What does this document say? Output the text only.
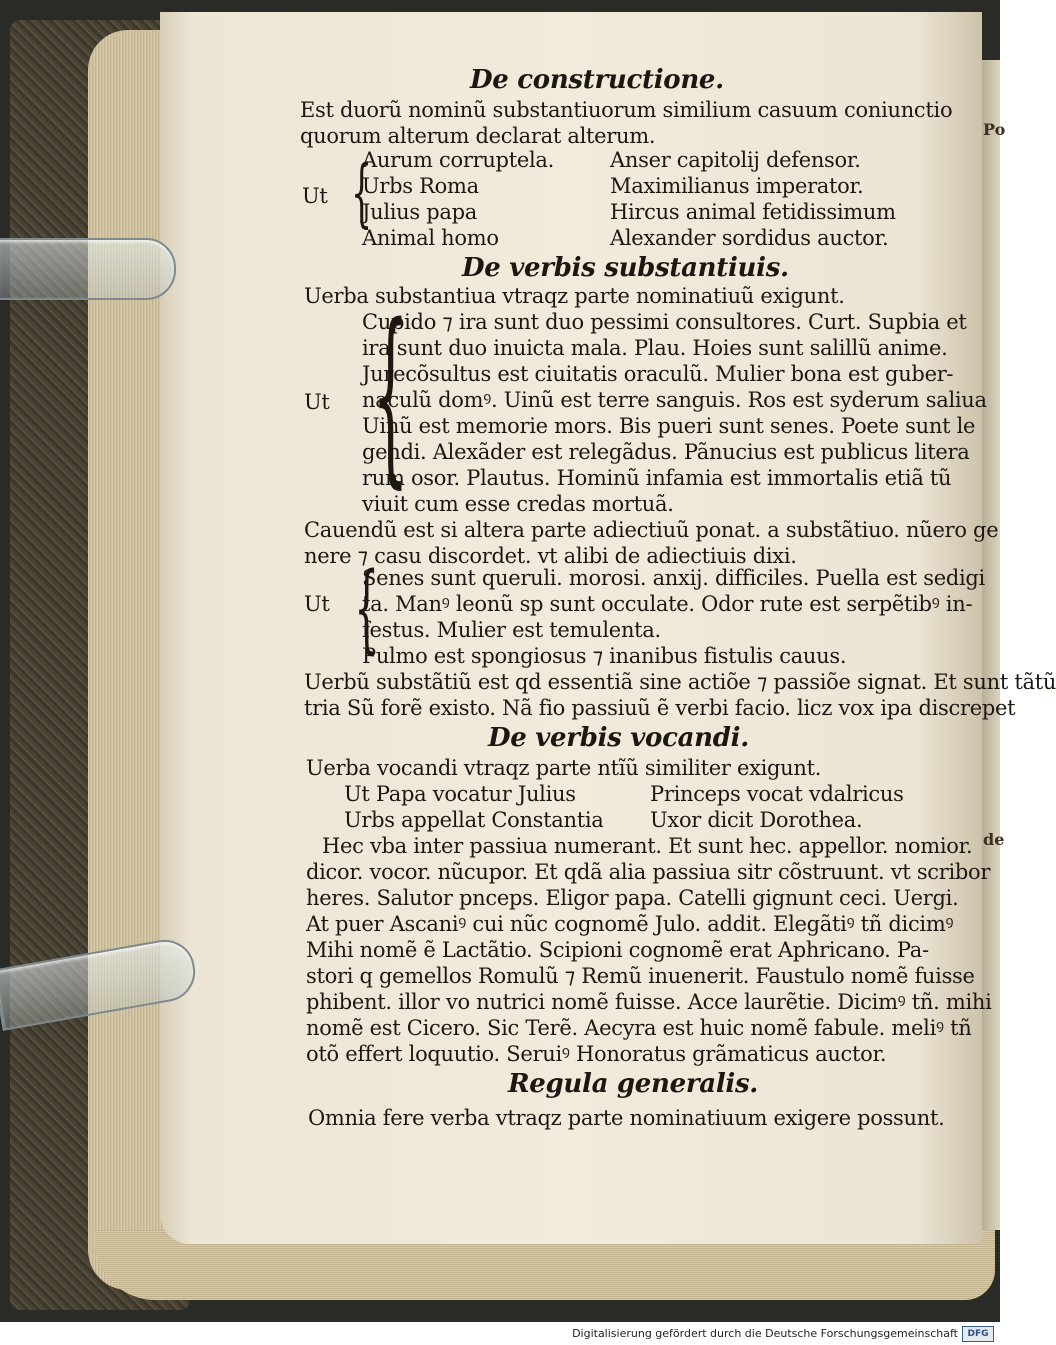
Po
de
De constructione.
Est duorũ nominũ substantiuorum similium casuum coniunctio
quorum alterum declarat alterum.
Aurum corruptela.	Anser capitolij defensor.
Ut {
Urbs Roma	Maximilianus imperator.
Julius papa	Hircus animal fetidissimum
Animal homo	Alexander sordidus auctor.
De verbis substantiuis.
Uerba substantiua vtraqz parte nominatiuũ exigunt.
{
Cupido ⁊ ira sunt duo pessimi consultores. Curt. Supbia et
ira sunt duo inuicta mala. Plau. Hoies sunt salillũ anime.
Jurecõsultus est ciuitatis oraculũ. Mulier bona est guber-
Ut naculũ domꝰ. Uinũ est terre sanguis. Ros est syderum saliua
Uinũ est memorie mors. Bis pueri sunt senes. Poete sunt le
gendi. Alexãder est relegãdus. Pãnucius est publicus litera
rum osor. Plautus. Hominũ infamia est immortalis etiã tũ
viuit cum esse credas mortuã.
Cauendũ est si altera parte adiectiuũ ponat. a substãtiuo. nũero ge
nere ⁊ casu discordet. vt alibi de adiectiuis dixi.
{
Senes sunt queruli. morosi. anxij. difficiles. Puella est sedigi
Ut ta. Manꝰ leonũ sp sunt occulate. Odor rute est serpẽtibꝰ in-
festus. Mulier est temulenta.
Pulmo est spongiosus ⁊ inanibus fistulis cauus.
Uerbũ substãtiũ est qd essentiã sine actiõe ⁊ passiõe signat. Et sunt tãtũ
tria Sũ forẽ existo. Nã fio passiuũ ẽ verbi facio. licz vox ipa discrepet
De verbis vocandi.
Uerba vocandi vtraqz parte ntĩũ similiter exigunt.
Ut Papa vocatur Julius	Princeps vocat vdalricus
Urbs appellat Constantia Uxor dicit Dorothea.
Hec vba inter passiua numerant. Et sunt hec. appellor. nomior.
dicor. vocor. nũcupor. Et qdã alia passiua sitr cõstruunt. vt scribor
heres. Salutor pnceps. Eligor papa. Catelli gignunt ceci. Uergi.
At puer Ascaniꝰ cui nũc cognomẽ Julo. addit. Elegãtiꝰ tñ dicimꝰ
Mihi nomẽ ẽ Lactãtio. Scipioni cognomẽ erat Aphricano. Pa-
stori q gemellos Romulũ ⁊ Remũ inuenerit. Faustulo nomẽ fuisse
phibent. illor vo nutrici nomẽ fuisse. Acce laurẽtie. Dicimꝰ tñ. mihi
nomẽ est Cicero. Sic Terẽ. Aecyra est huic nomẽ fabule. meliꝰ tñ
otõ effert loquutio. Seruiꝰ Honoratus grãmaticus auctor.
Regula generalis.
Omnia fere verba vtraqz parte nominatiuum exigere possunt.
Digitalisierung gefördert durch die Deutsche Forschungsgemeinschaft	DFG
